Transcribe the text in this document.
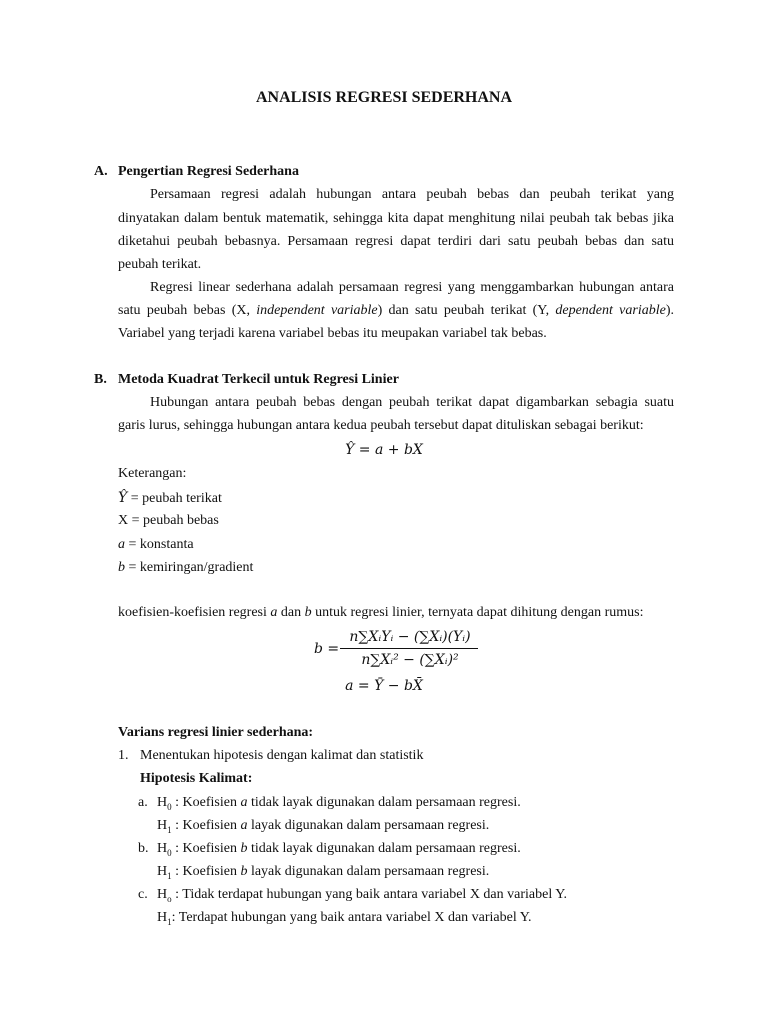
ANALISIS REGRESI SEDERHANA
A. Pengertian Regresi Sederhana
Persamaan regresi adalah hubungan antara peubah bebas dan peubah terikat yang
dinyatakan dalam bentuk matematik, sehingga kita dapat menghitung nilai peubah tak bebas jika
diketahui peubah bebasnya. Persamaan regresi dapat terdiri dari satu peubah bebas dan satu
peubah terikat.
Regresi linear sederhana adalah persamaan regresi yang menggambarkan hubungan antara
satu peubah bebas (X, independent variable) dan satu peubah terikat (Y, dependent variable).
Variabel yang terjadi karena variabel bebas itu meupakan variabel tak bebas.
B. Metoda Kuadrat Terkecil untuk Regresi Linier
Hubungan antara peubah bebas dengan peubah terikat dapat digambarkan sebagia suatu
garis lurus, sehingga hubungan antara kedua peubah tersebut dapat dituliskan sebagai berikut:
Ŷ = a + bX
Keterangan:
Ŷ = peubah terikat
X = peubah bebas
a = konstanta
b = kemiringan/gradient
koefisien-koefisien regresi a dan b untuk regresi linier, ternyata dapat dihitung dengan rumus:
b =
n∑XᵢYᵢ − (∑Xᵢ)(Yᵢ)
n∑Xᵢ² − (∑Xᵢ)²
a = Ȳ − bX̄
Varians regresi linier sederhana:
1. Menentukan hipotesis dengan kalimat dan statistik
Hipotesis Kalimat:
a. $H_0$ : Koefisien a tidak layak digunakan dalam persamaan regresi.
$H_1$ : Koefisien a layak digunakan dalam persamaan regresi.
b. $H_0$ : Koefisien b tidak layak digunakan dalam persamaan regresi.
$H_1$ : Koefisien b layak digunakan dalam persamaan regresi.
c. $H_o$ : Tidak terdapat hubungan yang baik antara variabel X dan variabel Y.
$H_1$: Terdapat hubungan yang baik antara variabel X dan variabel Y.
